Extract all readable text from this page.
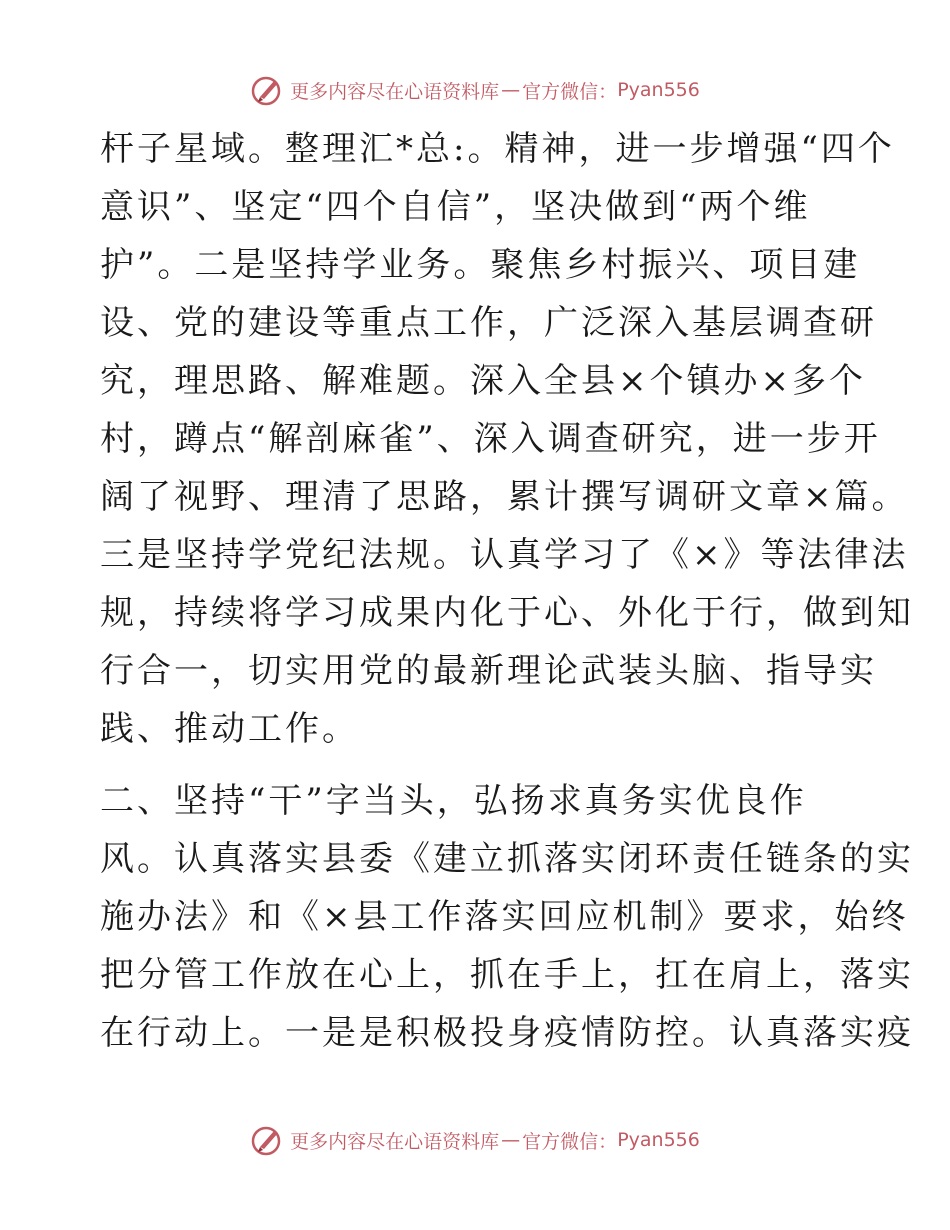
更多内容尽在心语资料库 — 官方微信： Pyan556
杆子星域。整理汇*总:。精神，进一步增强“四个
意识”、坚定“四个自信”，坚决做到“两个维
护”。二是坚持学业务。聚焦乡村振兴、项目建
设、党的建设等重点工作，广泛深入基层调查研
究，理思路、解难题。深入全县×个镇办×多个
村，蹲点“解剖麻雀”、深入调查研究，进一步开
阔了视野、理清了思路，累计撰写调研文章×篇。
三是坚持学党纪法规。认真学习了《×》等法律法
规，持续将学习成果内化于心、外化于行，做到知
行合一，切实用党的最新理论武装头脑、指导实
践、推动工作。
二、坚持“干”字当头，弘扬求真务实优良作
风。认真落实县委《建立抓落实闭环责任链条的实
施办法》和《×县工作落实回应机制》要求，始终
把分管工作放在心上，抓在手上，扛在肩上，落实
在行动上。一是是积极投身疫情防控。认真落实疫
更多内容尽在心语资料库 — 官方微信： Pyan556
